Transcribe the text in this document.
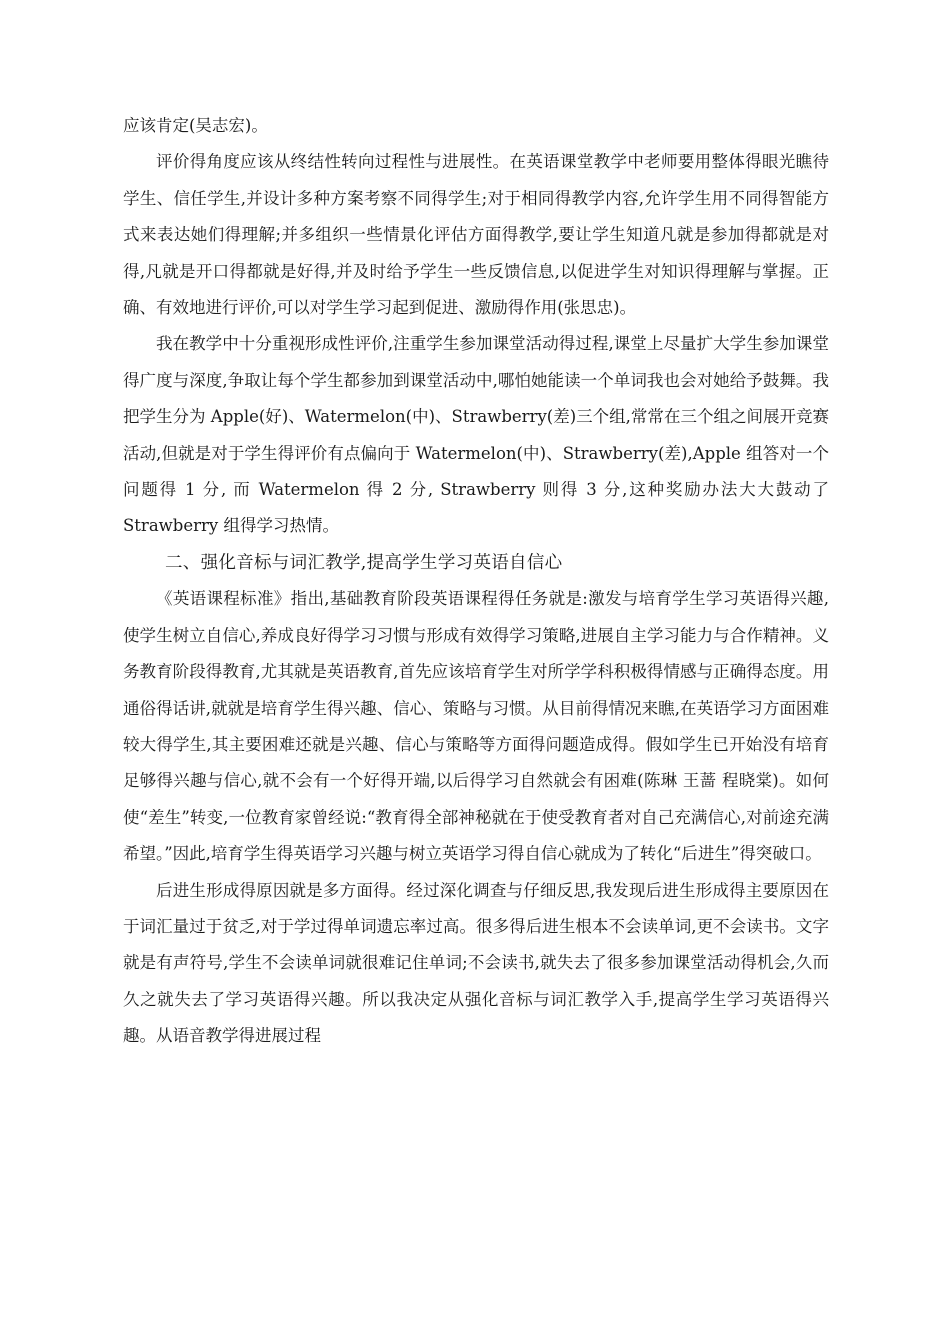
应该肯定(吴志宏)。

评价得角度应该从终结性转向过程性与进展性。在英语课堂教学中老师要用整体得眼光瞧待学生、信任学生,并设计多种方案考察不同得学生;对于相同得教学内容,允许学生用不同得智能方式来表达她们得理解;并多组织一些情景化评估方面得教学,要让学生知道凡就是参加得都就是对得,凡就是开口得都就是好得,并及时给予学生一些反馈信息,以促进学生对知识得理解与掌握。正确、有效地进行评价,可以对学生学习起到促进、激励得作用(张思忠)。

我在教学中十分重视形成性评价,注重学生参加课堂活动得过程,课堂上尽量扩大学生参加课堂得广度与深度,争取让每个学生都参加到课堂活动中,哪怕她能读一个单词我也会对她给予鼓舞。我把学生分为 Apple(好)、Watermelon(中)、Strawberry(差)三个组,常常在三个组之间展开竞赛活动,但就是对于学生得评价有点偏向于 Watermelon(中)、Strawberry(差),Apple 组答对一个问题得 1 分, 而 Watermelon 得 2 分, Strawberry 则得 3 分,这种奖励办法大大鼓动了 Strawberry 组得学习热情。

二、强化音标与词汇教学,提高学生学习英语自信心

《英语课程标准》指出,基础教育阶段英语课程得任务就是:激发与培育学生学习英语得兴趣,使学生树立自信心,养成良好得学习习惯与形成有效得学习策略,进展自主学习能力与合作精神。义务教育阶段得教育,尤其就是英语教育,首先应该培育学生对所学学科积极得情感与正确得态度。用通俗得话讲,就就是培育学生得兴趣、信心、策略与习惯。从目前得情况来瞧,在英语学习方面困难较大得学生,其主要困难还就是兴趣、信心与策略等方面得问题造成得。假如学生已开始没有培育足够得兴趣与信心,就不会有一个好得开端,以后得学习自然就会有困难(陈琳 王蔷 程晓棠)。如何使“差生”转变,一位教育家曾经说:“教育得全部神秘就在于使受教育者对自己充满信心,对前途充满希望。”因此,培育学生得英语学习兴趣与树立英语学习得自信心就成为了转化“后进生”得突破口。

后进生形成得原因就是多方面得。经过深化调查与仔细反思,我发现后进生形成得主要原因在于词汇量过于贫乏,对于学过得单词遗忘率过高。很多得后进生根本不会读单词,更不会读书。文字就是有声符号,学生不会读单词就很难记住单词;不会读书,就失去了很多参加课堂活动得机会,久而久之就失去了学习英语得兴趣。所以我决定从强化音标与词汇教学入手,提高学生学习英语得兴趣。从语音教学得进展过程
